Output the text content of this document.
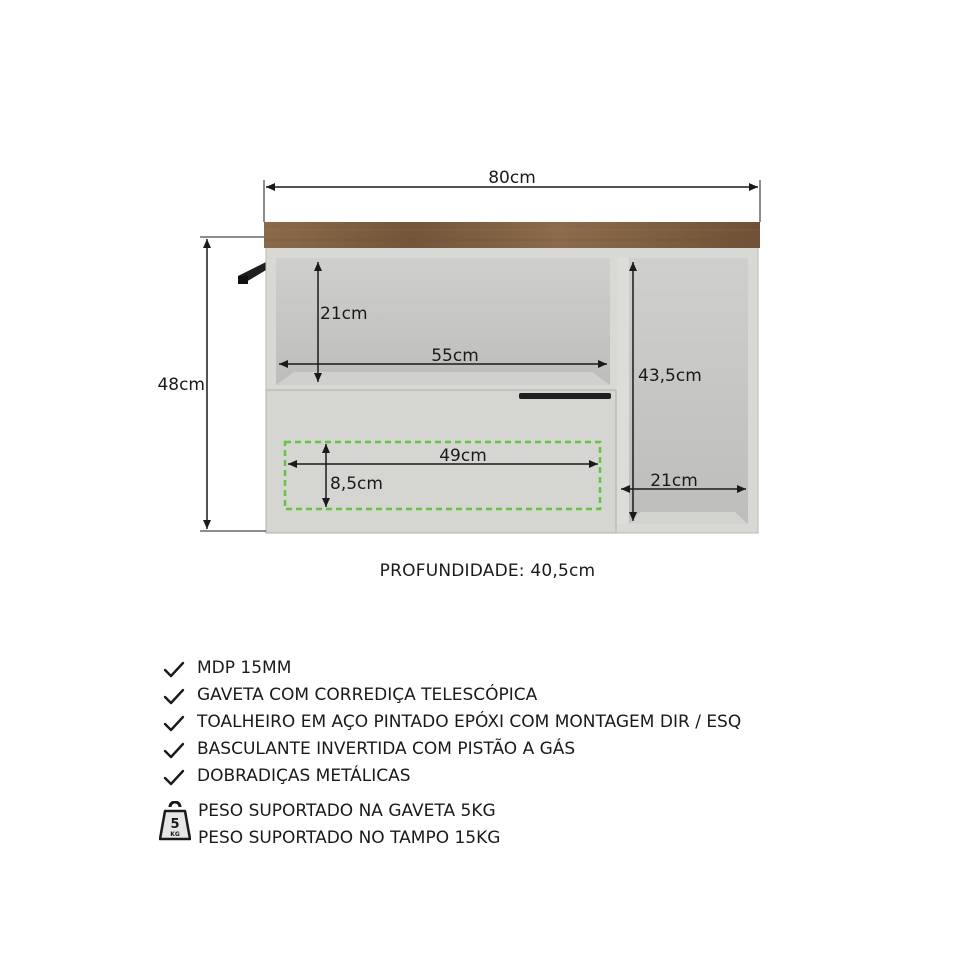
80cm
48cm
21cm
55cm
43,5cm
21cm
49cm
8,5cm
PROFUNDIDADE: 40,5cm
MDP 15MM
GAVETA COM CORREDIÇA TELESCÓPICA
TOALHEIRO EM AÇO PINTADO EPÓXI COM MONTAGEM DIR / ESQ
BASCULANTE INVERTIDA COM PISTÃO A GÁS
DOBRADIÇAS METÁLICAS
5
KG
PESO SUPORTADO NA GAVETA 5KG
PESO SUPORTADO NO TAMPO 15KG
